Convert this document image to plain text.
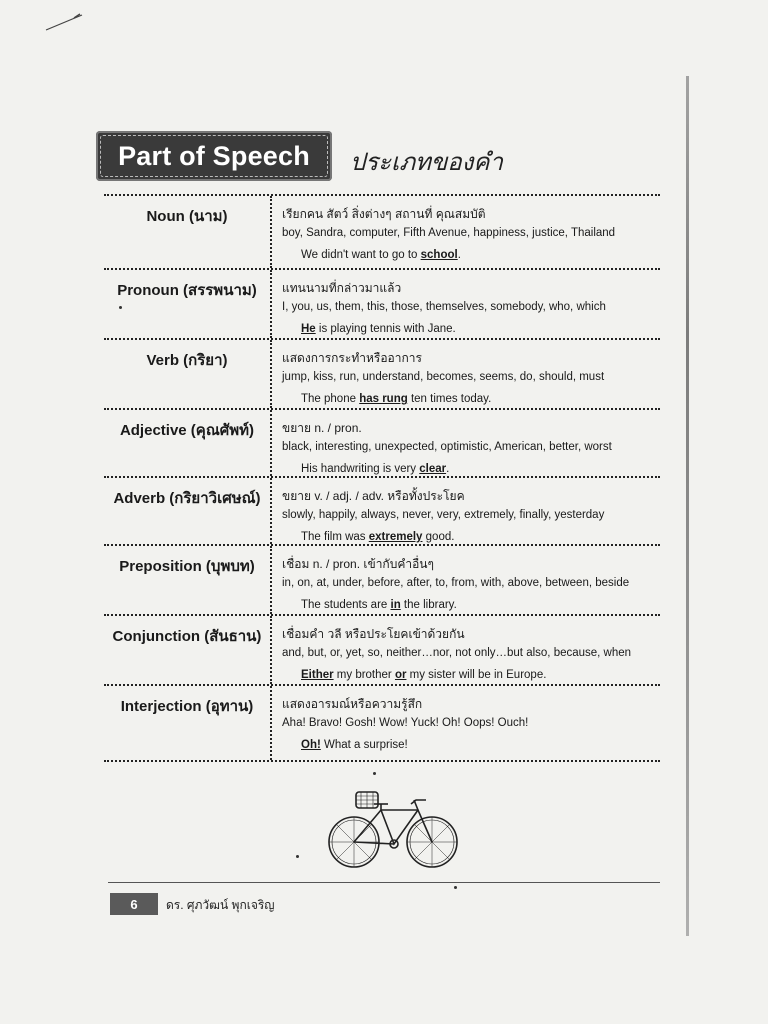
Part of Speech	ประเภทของคำ
Noun (นาม)	เรียกคน สัตว์ สิ่งต่างๆ สถานที่ คุณสมบัติ
boy, Sandra, computer, Fifth Avenue, happiness, justice, Thailand
We didn't want to go to school.
Pronoun (สรรพนาม)	แทนนามที่กล่าวมาแล้ว
I, you, us, them, this, those, themselves, somebody, who, which
He is playing tennis with Jane.
Verb (กริยา)	แสดงการกระทำหรืออาการ
jump, kiss, run, understand, becomes, seems, do, should, must
The phone has rung ten times today.
Adjective (คุณศัพท์)	ขยาย n. / pron.
black, interesting, unexpected, optimistic, American, better, worst
His handwriting is very clear.
Adverb (กริยาวิเศษณ์)	ขยาย v. / adj. / adv. หรือทั้งประโยค
slowly, happily, always, never, very, extremely, finally, yesterday
The film was extremely good.
Preposition (บุพบท)	เชื่อม n. / pron. เข้ากับคำอื่นๆ
in, on, at, under, before, after, to, from, with, above, between, beside
The students are in the library.
Conjunction (สันธาน)	เชื่อมคำ วลี หรือประโยคเข้าด้วยกัน
and, but, or, yet, so, neither…nor, not only…but also, because, when
Either my brother or my sister will be in Europe.
Interjection (อุทาน)	แสดงอารมณ์หรือความรู้สึก
Aha! Bravo! Gosh! Wow! Yuck! Oh! Oops! Ouch!
Oh! What a surprise!
6	ดร. ศุภวัฒน์ พุกเจริญ
